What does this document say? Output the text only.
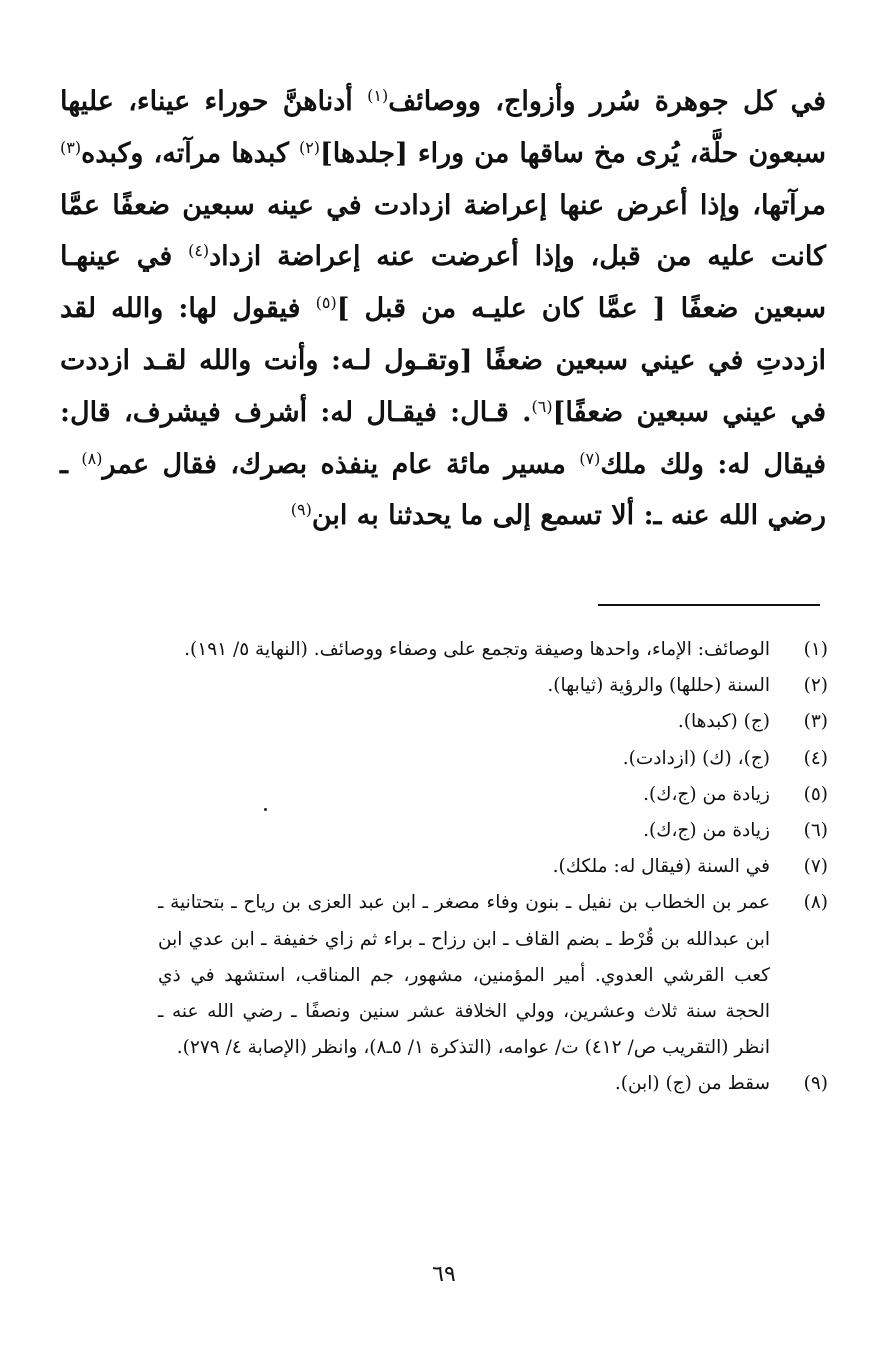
في كل جوهرة سُرر وأزواج، ووصائف$^{(١)}$ أدناهنَّ حوراء عيناء، عليها سبعون حلَّة، يُرى مخ ساقها من وراء [جلدها]$^{(٢)}$ كبدها مرآته، وكبده$^{(٣)}$ مرآتها، وإذا أعرض عنها إعراضة ازدادت في عينه سبعين ضعفًا عمَّا كانت عليه من قبل، وإذا أعرضت عنه إعراضة ازداد$^{(٤)}$ في عينهـا سبعين ضعفًا [ عمَّا كان عليـه من قبل ]$^{(٥)}$ فيقول لها: والله لقد ازددتِ في عيني سبعين ضعفًا [وتقـول لـه: وأنت والله لقـد ازددت في عيني سبعين ضعفًا]$^{(٦)}$. قـال: فيقـال له: أشرف فيشرف، قال: فيقال له: ولك ملك$^{(٧)}$ مسير مائة عام ينفذه بصرك، فقال عمر$^{(٨)}$ ـ رضي الله عنه ـ: ألا تسمع إلى ما يحدثنا به ابن$^{(٩)}$

(١)
الوصائف: الإماء، واحدها وصيفة وتجمع على وصفاء ووصائف. (النهاية ٥/ ١٩١).

(٢)
السنة (حللها) والرؤية (ثيابها).

(٣)
(ج) (كبدها).

(٤)
(ج)، (ك) (ازدادت).

(٥)
زيادة من (ج،ك).

(٦)
زيادة من (ج،ك).

(٧)
في السنة (فيقال له: ملكك).

(٨)
عمر بن الخطاب بن نفيل ـ بنون وفاء مصغر ـ ابن عبد العزى بن رياح ـ بتحتانية ـ ابن عبدالله بن قُرْط ـ بضم القاف ـ ابن رزاح ـ براء ثم زاي خفيفة ـ ابن عدي ابن كعب القرشي العدوي. أمير المؤمنين، مشهور، جم المناقب، استشهد في ذي الحجة سنة ثلاث وعشرين، وولي الخلافة عشر سنين ونصفًا ـ رضي الله عنه ـ انظر (التقريب ص/ ٤١٢) ت/ عوامه، (التذكرة ١/ ٥ـ٨)، وانظر (الإصابة ٤/ ٢٧٩).

(٩)
سقط من (ج) (ابن).

٦٩
